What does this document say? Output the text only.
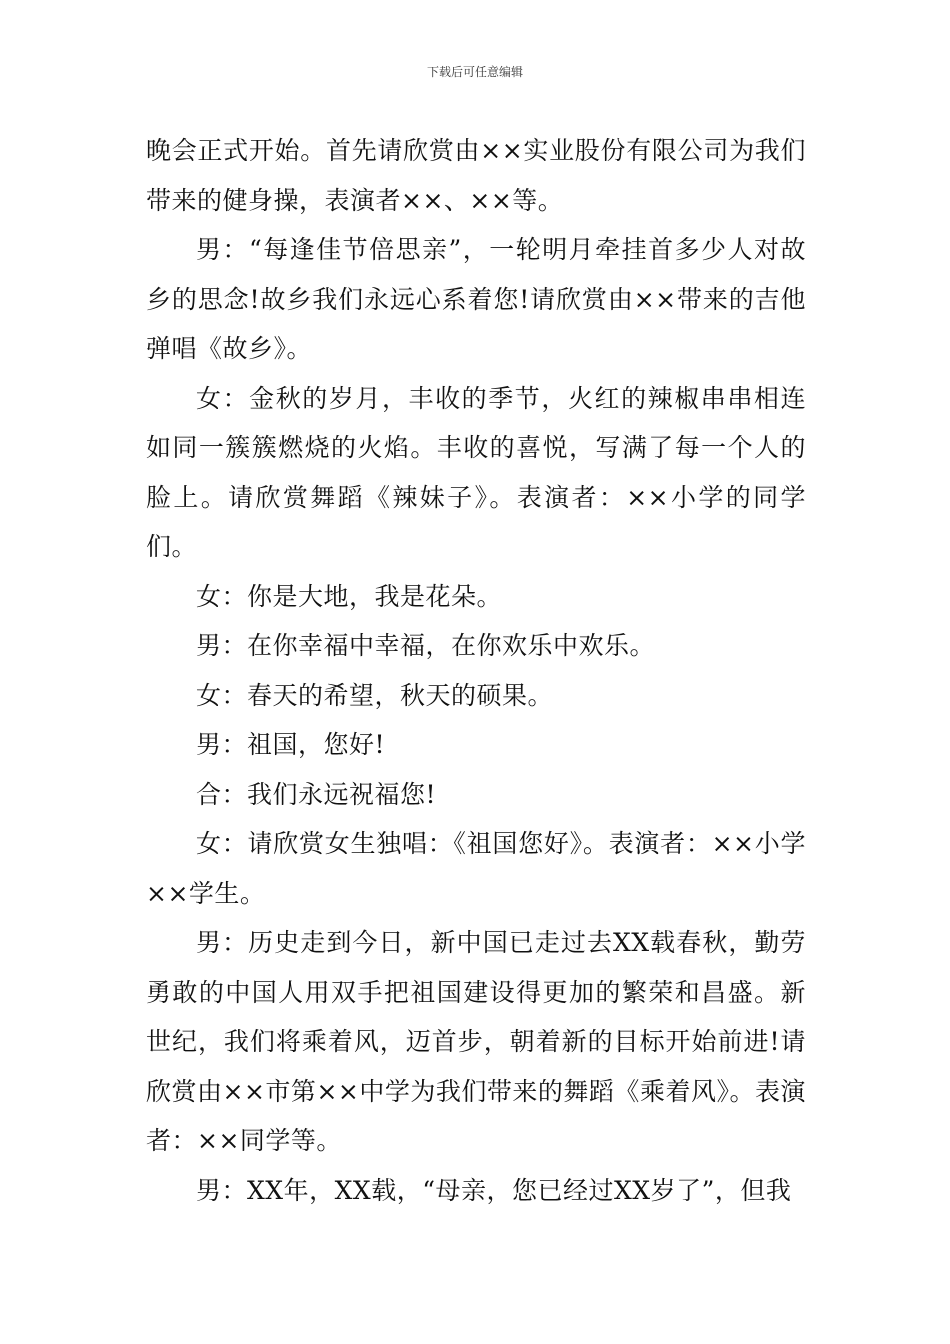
下载后可任意编辑

晚会正式开始。首先请欣赏由××实业股份有限公司为我们带来的健身操，表演者××、××等。

男：“每逢佳节倍思亲”，一轮明月牵挂首多少人对故乡的思念!故乡我们永远心系着您!请欣赏由××带来的吉他弹唱《故乡》。

女：金秋的岁月，丰收的季节，火红的辣椒串串相连如同一簇簇燃烧的火焰。丰收的喜悦，写满了每一个人的脸上。请欣赏舞蹈《辣妹子》。表演者：××小学的同学们。

女：你是大地，我是花朵。

男：在你幸福中幸福，在你欢乐中欢乐。

女：春天的希望，秋天的硕果。

男：祖国，您好!

合：我们永远祝福您!

女：请欣赏女生独唱：《祖国您好》。表演者：××小学××学生。

男：历史走到今日，新中国已走过去XX载春秋，勤劳勇敢的中国人用双手把祖国建设得更加的繁荣和昌盛。新世纪，我们将乘着风，迈首步，朝着新的目标开始前进!请欣赏由××市第××中学为我们带来的舞蹈《乘着风》。表演者：××同学等。

男：XX年，XX载，“母亲，您已经过XX岁了”，但我
